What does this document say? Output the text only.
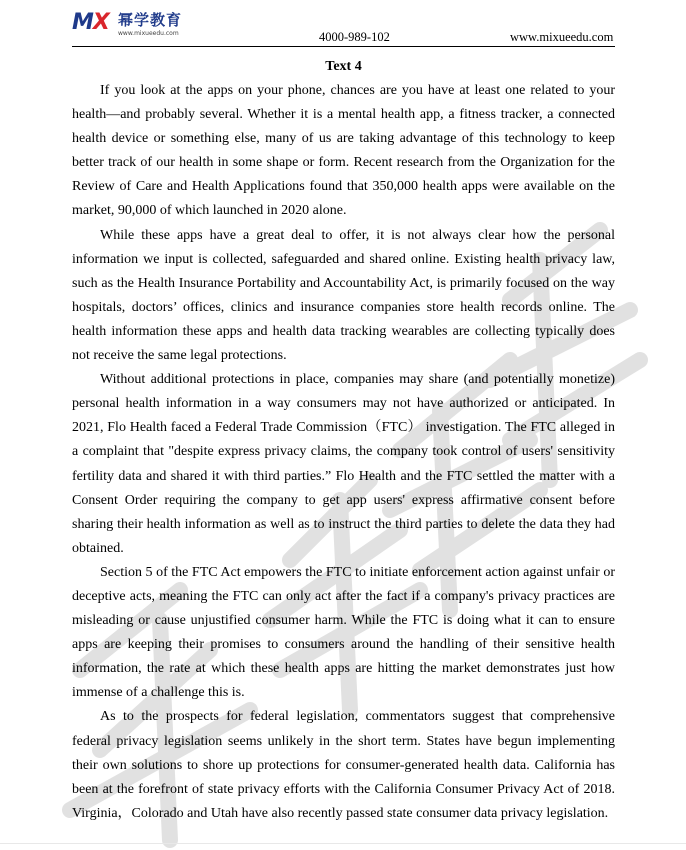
MX 幂学教育
www.mixueedu.com	4000-989-102	www.mixueedu.com

Text 4

If you look at the apps on your phone, chances are you have at least one related to your health—and probably several. Whether it is a mental health app, a fitness tracker, a connected health device or something else, many of us are taking advantage of this technology to keep better track of our health in some shape or form. Recent research from the Organization for the Review of Care and Health Applications found that 350,000 health apps were available on the market, 90,000 of which launched in 2020 alone.

While these apps have a great deal to offer, it is not always clear how the personal information we input is collected, safeguarded and shared online. Existing health privacy law, such as the Health Insurance Portability and Accountability Act, is primarily focused on the way hospitals, doctors’ offices, clinics and insurance companies store health records online. The health information these apps and health data tracking wearables are collecting typically does not receive the same legal protections.

Without additional protections in place, companies may share (and potentially monetize) personal health information in a way consumers may not have authorized or anticipated. In 2021, Flo Health faced a Federal Trade Commission（FTC） investigation. The FTC alleged in a complaint that "despite express privacy claims, the company took control of users' sensitivity fertility data and shared it with third parties.” Flo Health and the FTC settled the matter with a Consent Order requiring the company to get app users' express affirmative consent before sharing their health information as well as to instruct the third parties to delete the data they had obtained.

Section 5 of the FTC Act empowers the FTC to initiate enforcement action against unfair or deceptive acts, meaning the FTC can only act after the fact if a company's privacy practices are misleading or cause unjustified consumer harm. While the FTC is doing what it can to ensure apps are keeping their promises to consumers around the handling of their sensitive health information, the rate at which these health apps are hitting the market demonstrates just how immense of a challenge this is.

As to the prospects for federal legislation, commentators suggest that comprehensive federal privacy legislation seems unlikely in the short term. States have begun implementing their own solutions to shore up protections for consumer-generated health data. California has been at the forefront of state privacy efforts with the California Consumer Privacy Act of 2018. Virginia，Colorado and Utah have also recently passed state consumer data privacy legislation.
